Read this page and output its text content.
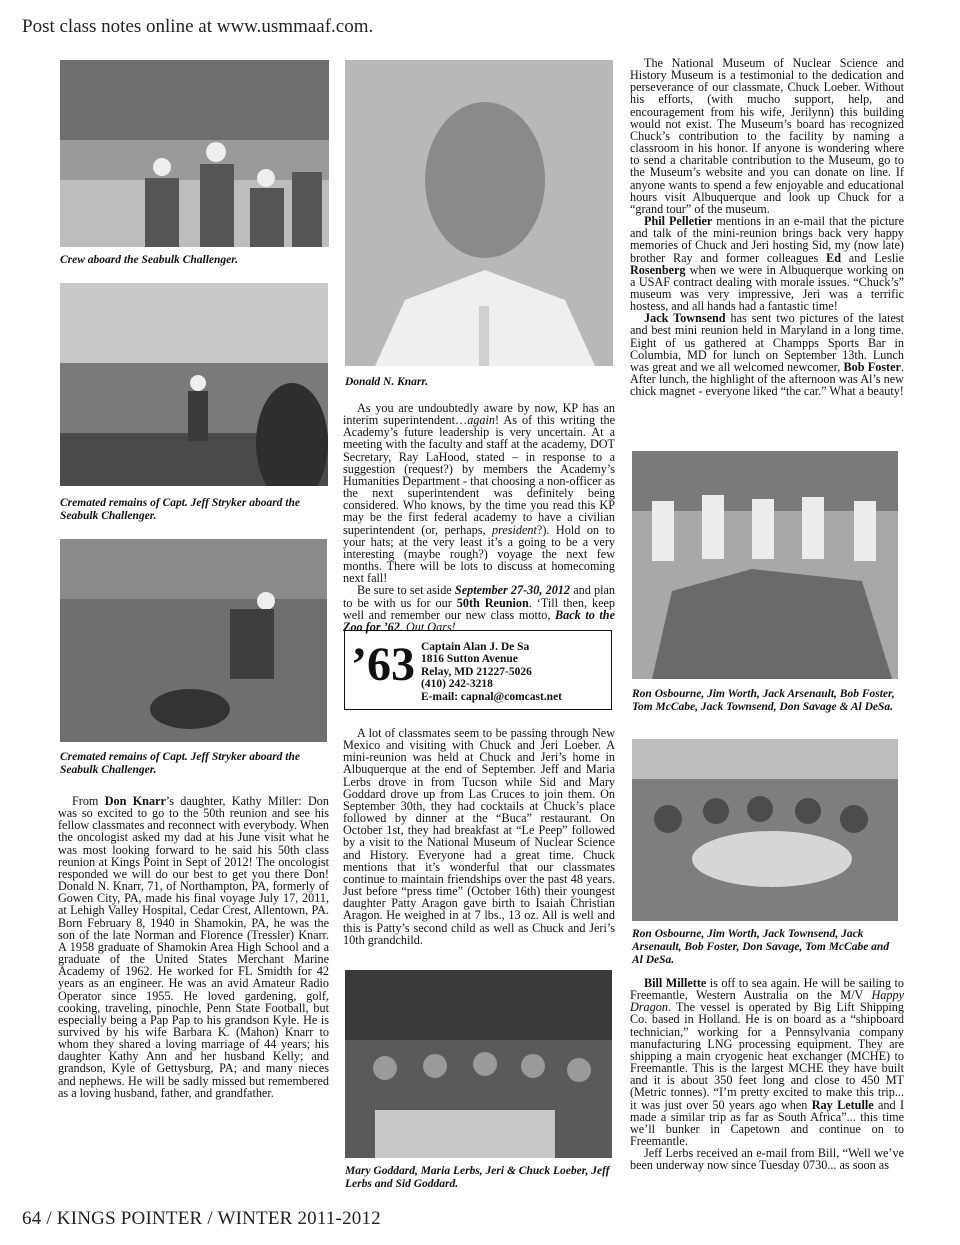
Post class notes online at www.usmmaaf.com.
Crew aboard the Seabulk Challenger.
Cremated remains of Capt. Jeff Stryker aboard the Seabulk Challenger.
Cremated remains of Capt. Jeff Stryker aboard the Seabulk Challenger.

From Don Knarr’s daughter, Kathy Miller: Don was so excited to go to the 50th reunion and see his fellow classmates and reconnect with everybody. When the oncologist asked my dad at his June visit what he was most looking forward to he said his 50th class reunion at Kings Point in Sept of 2012! The oncologist responded we will do our best to get you there Don! Donald N. Knarr, 71, of Northampton, PA, formerly of Gowen City, PA, made his final voyage July 17, 2011, at Lehigh Valley Hospital, Cedar Crest, Allentown, PA. Born February 8, 1940 in Shamokin, PA, he was the son of the late Norman and Florence (Tressler) Knarr. A 1958 graduate of Shamokin Area High School and a graduate of the United States Merchant Marine Academy of 1962. He worked for FL Smidth for 42 years as an engineer. He was an avid Amateur Radio Operator since 1955. He loved gardening, golf, cooking, traveling, pinochle, Penn State Football, but especially being a Pap Pap to his grandson Kyle. He is survived by his wife Barbara K. (Mahon) Knarr to whom they shared a loving marriage of 44 years; his daughter Kathy Ann and her husband Kelly; and grandson, Kyle of Gettysburg, PA; and many nieces and nephews. He will be sadly missed but remembered as a loving husband, father, and grandfather.

Donald N. Knarr.

As you are undoubtedly aware by now, KP has an interim superintendent…again! As of this writing the Academy’s future leadership is very uncertain. At a meeting with the faculty and staff at the academy, DOT Secretary, Ray LaHood, stated – in response to a suggestion (request?) by members the Academy’s Humanities Department - that choosing a non-officer as the next superintendent was definitely being considered. Who knows, by the time you read this KP may be the first federal academy to have a civilian superintendent (or, perhaps, president?). Hold on to your hats; at the very least it’s a going to be a very interesting (maybe rough?) voyage the next few months. There will be lots to discuss at homecoming next fall!

Be sure to set aside September 27-30, 2012 and plan to be with us for our 50th Reunion. ‘Till then, keep well and remember our new class motto, Back to the Zoo for ’62. Out Oars!

’63 Captain Alan J. De Sa
1816 Sutton Avenue
Relay, MD 21227-5026
(410) 242-3218
E-mail: capnal@comcast.net

A lot of classmates seem to be passing through New Mexico and visiting with Chuck and Jeri Loeber. A mini-reunion was held at Chuck and Jeri’s home in Albuquerque at the end of September. Jeff and Maria Lerbs drove in from Tucson while Sid and Mary Goddard drove up from Las Cruces to join them. On September 30th, they had cocktails at Chuck’s place followed by dinner at the “Buca” restaurant. On October 1st, they had breakfast at “Le Peep” followed by a visit to the National Museum of Nuclear Science and History. Everyone had a great time. Chuck mentions that it’s wonderful that our classmates continue to maintain friendships over the past 48 years. Just before “press time” (October 16th) their youngest daughter Patty Aragon gave birth to Isaiah Christian Aragon. He weighed in at 7 lbs., 13 oz. All is well and this is Patty’s second child as well as Chuck and Jeri’s 10th grandchild.

Mary Goddard, Maria Lerbs, Jeri & Chuck Loeber, Jeff Lerbs and Sid Goddard.

The National Museum of Nuclear Science and History Museum is a testimonial to the dedication and perseverance of our classmate, Chuck Loeber. Without his efforts, (with mucho support, help, and encouragement from his wife, Jerilynn) this building would not exist. The Museum’s board has recognized Chuck’s contribution to the facility by naming a classroom in his honor. If anyone is wondering where to send a charitable contribution to the Museum, go to the Museum’s website and you can donate on line. If anyone wants to spend a few enjoyable and educational hours visit Albuquerque and look up Chuck for a “grand tour” of the museum.

Phil Pelletier mentions in an e-mail that the picture and talk of the mini-reunion brings back very happy memories of Chuck and Jeri hosting Sid, my (now late) brother Ray and former colleagues Ed and Leslie Rosenberg when we were in Albuquerque working on a USAF contract dealing with morale issues. “Chuck’s” museum was very impressive, Jeri was a terrific hostess, and all hands had a fantastic time!

Jack Townsend has sent two pictures of the latest and best mini reunion held in Maryland in a long time. Eight of us gathered at Champps Sports Bar in Columbia, MD for lunch on September 13th. Lunch was great and we all welcomed newcomer, Bob Foster. After lunch, the highlight of the afternoon was Al’s new chick magnet - everyone liked “the car.” What a beauty!

Ron Osbourne, Jim Worth, Jack Arsenault, Bob Foster, Tom McCabe, Jack Townsend, Don Savage & Al DeSa.
Ron Osbourne, Jim Worth, Jack Townsend, Jack Arsenault, Bob Foster, Don Savage, Tom McCabe and Al DeSa.

Bill Millette is off to sea again. He will be sailing to Freemantle, Western Australia on the M/V Happy Dragon. The vessel is operated by Big Lift Shipping Co. based in Holland. He is on board as a “shipboard technician,” working for a Pennsylvania company manufacturing LNG processing equipment. They are shipping a main cryogenic heat exchanger (MCHE) to Freemantle. This is the largest MCHE they have built and it is about 350 feet long and close to 450 MT (Metric tonnes). “I’m pretty excited to make this trip... it was just over 50 years ago when Ray Letulle and I made a similar trip as far as South Africa”... this time we’ll bunker in Capetown and continue on to Freemantle.

Jeff Lerbs received an e-mail from Bill, “Well we’ve been underway now since Tuesday 0730... as soon as

64 / KINGS POINTER / WINTER 2011-2012
